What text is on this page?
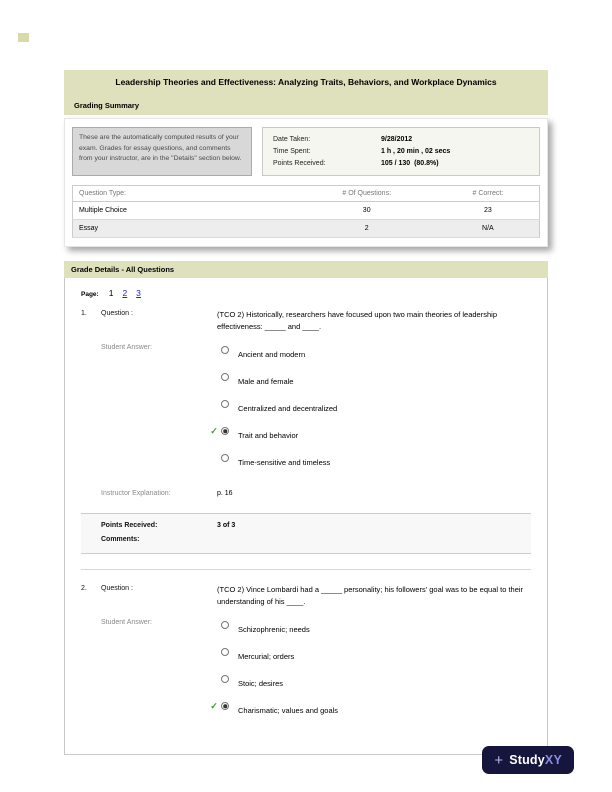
Leadership Theories and Effectiveness: Analyzing Traits, Behaviors, and Workplace Dynamics
Grading Summary
These are the automatically computed results of your exam. Grades for essay questions, and comments from your instructor, are in the "Details" section below.
Date Taken:	9/28/2012
Time Spent:	1 h , 20 min , 02 secs
Points Received:	105 / 130  (80.8%)
Question Type:	# Of Questions:	# Correct:
Multiple Choice	30	23
Essay	2	N/A
Grade Details - All Questions
Page: 1 2 3
1.	Question :	(TCO 2) Historically, researchers have focused upon two main theories of leadership effectiveness: _____ and ____.
Student Answer:
Ancient and modern
Male and female
Centralized and decentralized
✓	Trait and behavior
Time-sensitive and timeless
Instructor Explanation:	p. 16
Points Received:	3 of 3
Comments:
2.	Question :	(TCO 2) Vince Lombardi had a _____ personality; his followers' goal was to be equal to their understanding of his ____.
Student Answer:
Schizophrenic; needs
Mercurial; orders
Stoic; desires
✓	Charismatic; values and goals
+ Study XY
